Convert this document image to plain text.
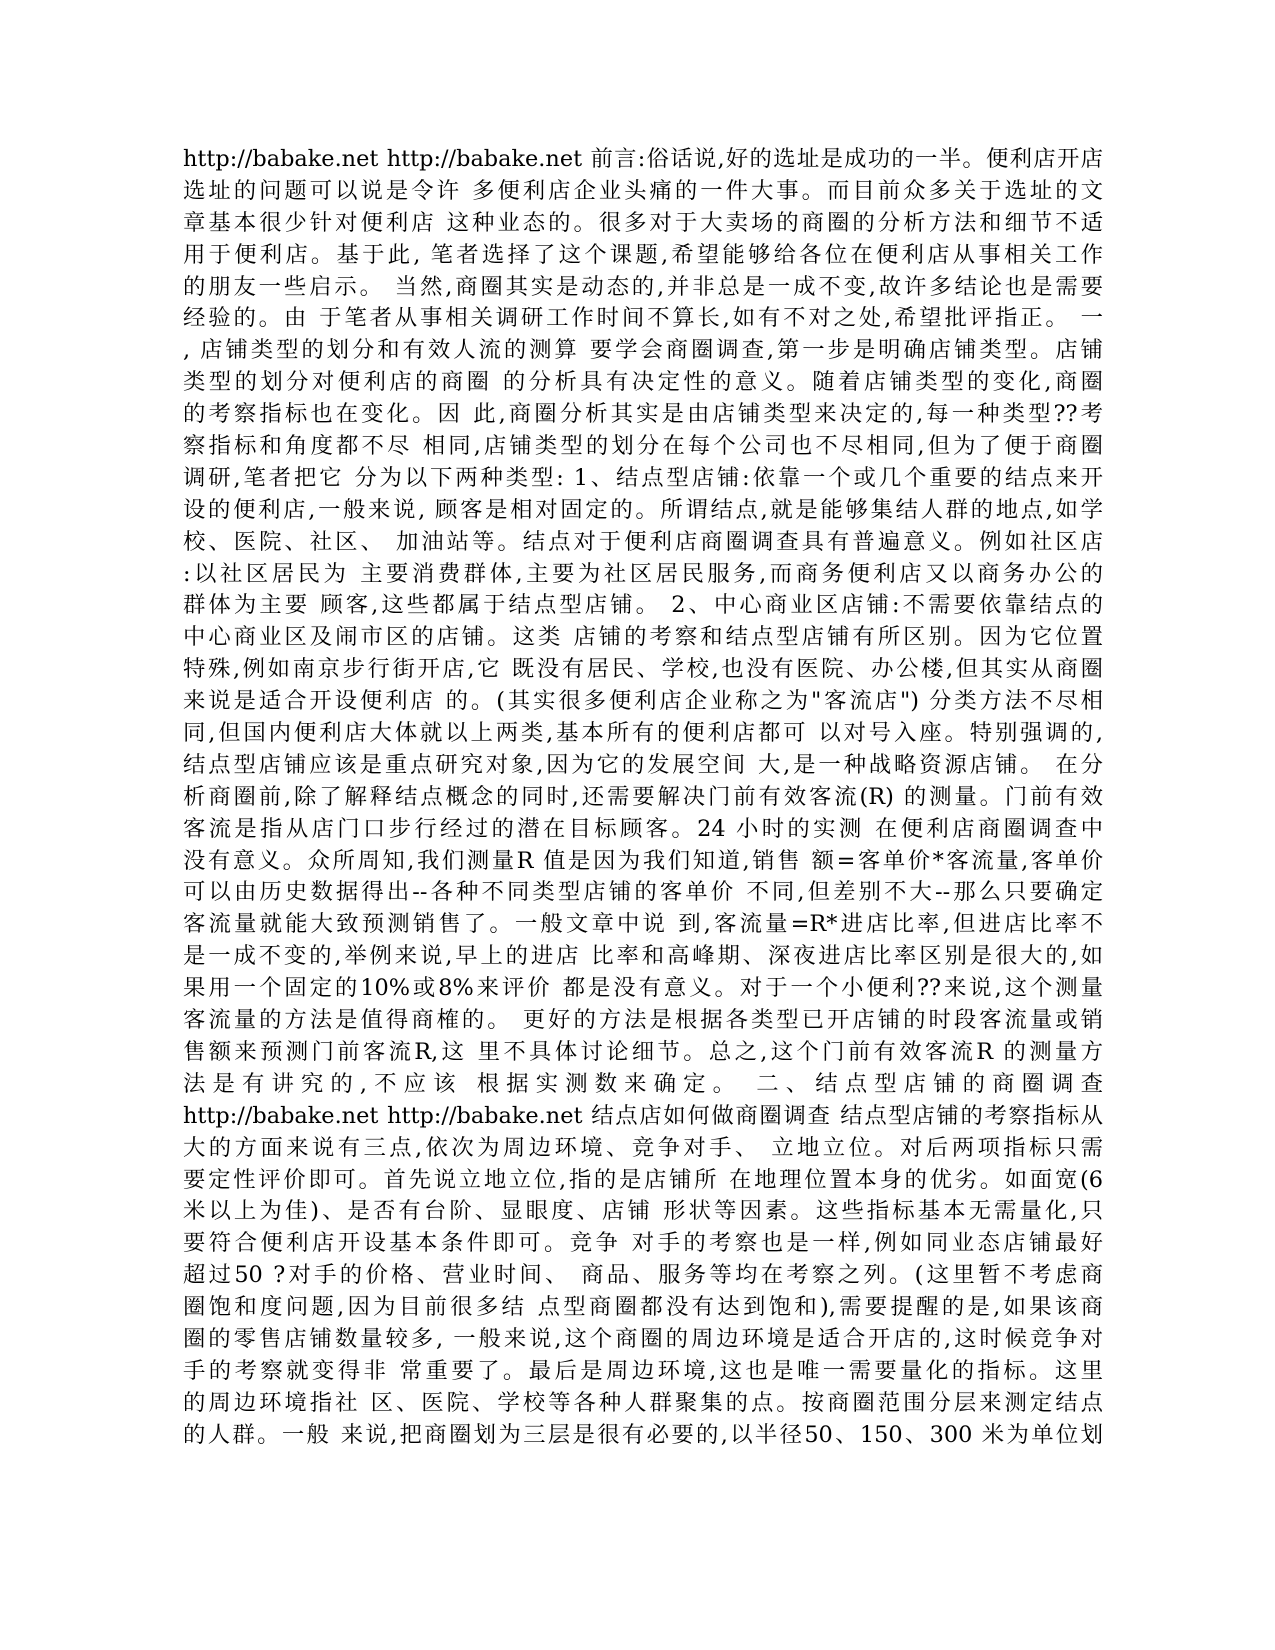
http://babake.net http://babake.net 前言:俗话说,好的选址是成功的一半。便利店开店
选址的问题可以说是令许 多便利店企业头痛的一件大事。而目前众多关于选址的文
章基本很少针对便利店 这种业态的。很多对于大卖场的商圈的分析方法和细节不适
用于便利店。基于此, 笔者选择了这个课题,希望能够给各位在便利店从事相关工作
的朋友一些启示。 当然,商圈其实是动态的,并非总是一成不变,故许多结论也是需要
经验的。由 于笔者从事相关调研工作时间不算长,如有不对之处,希望批评指正。 一
, 店铺类型的划分和有效人流的测算 要学会商圈调查,第一步是明确店铺类型。店铺
类型的划分对便利店的商圈 的分析具有决定性的意义。随着店铺类型的变化,商圈
的考察指标也在变化。因 此,商圈分析其实是由店铺类型来决定的,每一种类型??考
察指标和角度都不尽 相同,店铺类型的划分在每个公司也不尽相同,但为了便于商圈
调研,笔者把它 分为以下两种类型: 1、结点型店铺:依靠一个或几个重要的结点来开
设的便利店,一般来说, 顾客是相对固定的。所谓结点,就是能够集结人群的地点,如学
校、医院、社区、 加油站等。结点对于便利店商圈调查具有普遍意义。例如社区店
:以社区居民为 主要消费群体,主要为社区居民服务,而商务便利店又以商务办公的
群体为主要 顾客,这些都属于结点型店铺。 2、中心商业区店铺:不需要依靠结点的
中心商业区及闹市区的店铺。这类 店铺的考察和结点型店铺有所区别。因为它位置
特殊,例如南京步行街开店,它 既没有居民、学校,也没有医院、办公楼,但其实从商圈
来说是适合开设便利店 的。(其实很多便利店企业称之为"客流店") 分类方法不尽相
同,但国内便利店大体就以上两类,基本所有的便利店都可 以对号入座。特别强调的,
结点型店铺应该是重点研究对象,因为它的发展空间 大,是一种战略资源店铺。 在分
析商圈前,除了解释结点概念的同时,还需要解决门前有效客流(R) 的测量。门前有效
客流是指从店门口步行经过的潜在目标顾客。24 小时的实测 在便利店商圈调查中
没有意义。众所周知,我们测量R 值是因为我们知道,销售 额=客单价*客流量,客单价
可以由历史数据得出--各种不同类型店铺的客单价 不同,但差别不大--那么只要确定
客流量就能大致预测销售了。一般文章中说 到,客流量=R*进店比率,但进店比率不
是一成不变的,举例来说,早上的进店 比率和高峰期、深夜进店比率区别是很大的,如
果用一个固定的10%或8%来评价 都是没有意义。对于一个小便利??来说,这个测量
客流量的方法是值得商榷的。 更好的方法是根据各类型已开店铺的时段客流量或销
售额来预测门前客流R,这 里不具体讨论细节。总之,这个门前有效客流R 的测量方
法是有讲究的,不应该 根据实测数来确定。 二、结点型店铺的商圈调查
http://babake.net http://babake.net 结点店如何做商圈调查 结点型店铺的考察指标从
大的方面来说有三点,依次为周边环境、竞争对手、 立地立位。对后两项指标只需
要定性评价即可。首先说立地立位,指的是店铺所 在地理位置本身的优劣。如面宽(6
米以上为佳)、是否有台阶、显眼度、店铺 形状等因素。这些指标基本无需量化,只
要符合便利店开设基本条件即可。竞争 对手的考察也是一样,例如同业态店铺最好
超过50 ?对手的价格、营业时间、 商品、服务等均在考察之列。(这里暂不考虑商
圈饱和度问题,因为目前很多结 点型商圈都没有达到饱和),需要提醒的是,如果该商
圈的零售店铺数量较多, 一般来说,这个商圈的周边环境是适合开店的,这时候竞争对
手的考察就变得非 常重要了。最后是周边环境,这也是唯一需要量化的指标。这里
的周边环境指社 区、医院、学校等各种人群聚集的点。按商圈范围分层来测定结点
的人群。一般 来说,把商圈划为三层是很有必要的,以半径50、150、300 米为单位划
